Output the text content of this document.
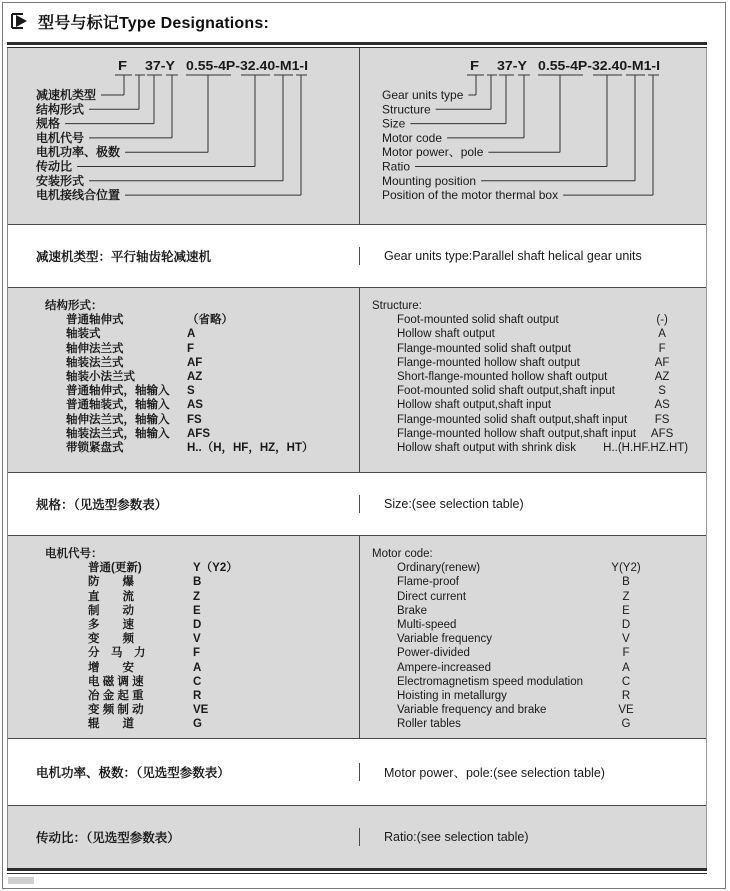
型号与标记Type Designations:
F 37-Y 0.55-4P-32.40-M1-I
减速机类型
结构形式
规格
电机代号
电机功率、极数
传动比
安装形式
电机接线合位置
F 37-Y 0.55-4P-32.40-M1-I
Gear units type
Structure
Size
Motor code
Motor power、pole
Ratio
Mounting position
Position of the motor thermal box
减速机类型：平行轴齿轮减速机	Gear units type:Parallel shaft helical gear units
结构形式：
普通轴伸式	（省略）
轴装式	A
轴伸法兰式	F
轴装法兰式	AF
轴装小法兰式	AZ
普通轴伸式，轴输入 S
普通轴装式，轴输入 AS
轴伸法兰式，轴输入 FS
轴装法兰式，轴输入 AFS
带锁紧盘式	H..（H，HF，HZ，HT）
Structure:
Foot-mounted solid shaft output	(-)
Hollow shaft output	A
Flange-mounted solid shaft output	F
Flange-mounted hollow shaft output	AF
Short-flange-mounted hollow shaft output	AZ
Foot-mounted solid shaft output,shaft input	S
Hollow shaft output,shaft input	AS
Flange-mounted solid shaft output,shaft input	FS
Flange-mounted hollow shaft output,shaft input	AFS
Hollow shaft output with shrink disk H..(H.HF.HZ.HT)
规格：（见选型参数表）	Size:(see selection table)
电机代号：
普通(更新)	Y（Y2）
防　　爆	B
直　　流	Z
制　　动	E
多　　速	D
变　　频	V
分　马　力	F
增　　安	A
电 磁 调 速	C
冶 金 起 重	R
变 频 制 动	VE
辊　　道	G
Motor code:
Ordinary(renew)	Y(Y2)
Flame-proof	B
Direct current	Z
Brake	E
Multi-speed	D
Variable frequency	V
Power-divided	F
Ampere-increased	A
Electromagnetism speed modulation	C
Hoisting in metallurgy	R
Variable frequency and brake	VE
Roller tables	G
电机功率、极数：（见选型参数表）	Motor power、pole:(see selection table)
传动比：（见选型参数表）	Ratio:(see selection table)
